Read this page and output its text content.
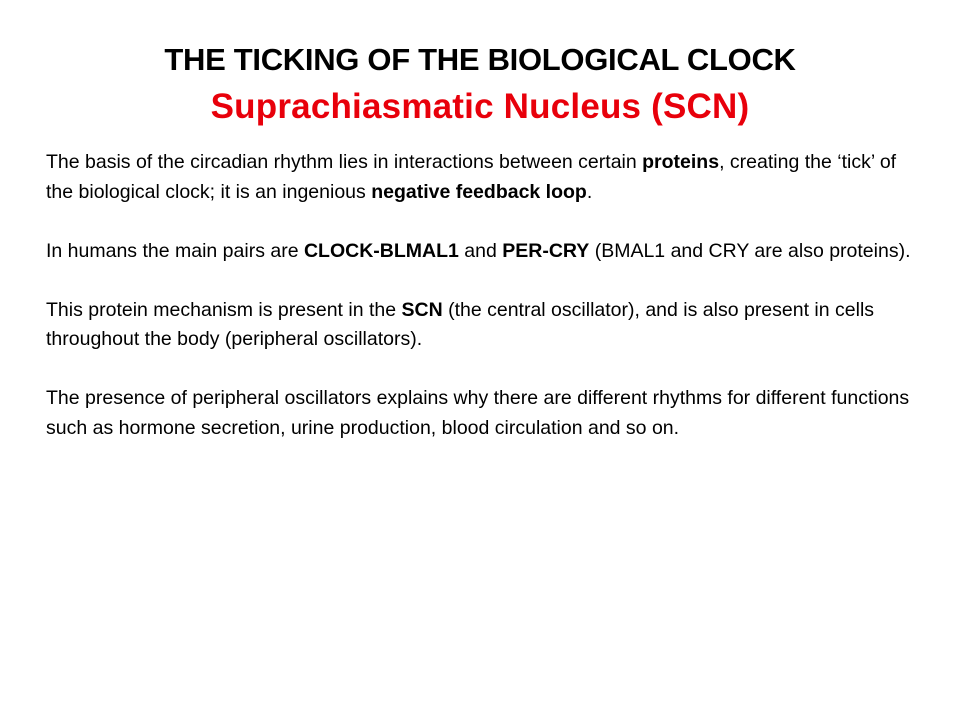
THE TICKING OF THE BIOLOGICAL CLOCK
Suprachiasmatic Nucleus (SCN)

The basis of the circadian rhythm lies in interactions between certain proteins, creating the ‘tick’ of the biological clock; it is an ingenious negative feedback loop.

In humans the main pairs are CLOCK-BLMAL1 and PER-CRY (BMAL1 and CRY are also proteins).

This protein mechanism is present in the SCN (the central oscillator), and is also present in cells throughout the body (peripheral oscillators).

The presence of peripheral oscillators explains why there are different rhythms for different functions such as hormone secretion, urine production, blood circulation and so on.
